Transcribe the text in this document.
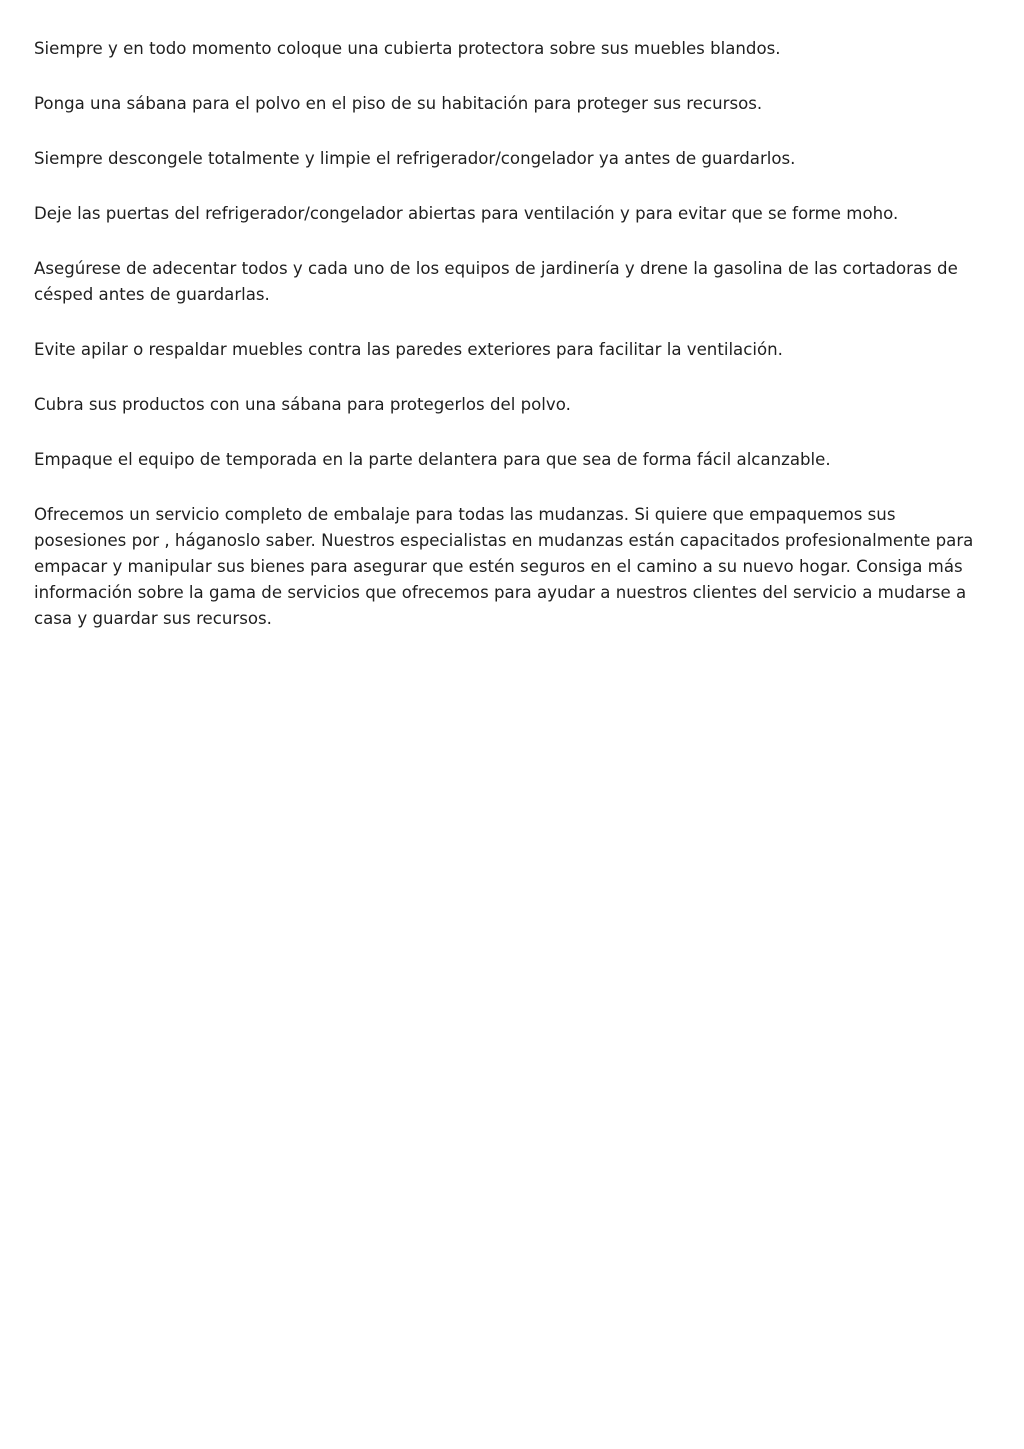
Siempre y en todo momento coloque una cubierta protectora sobre sus muebles blandos.

Ponga una sábana para el polvo en el piso de su habitación para proteger sus recursos.

Siempre descongele totalmente y limpie el refrigerador/congelador ya antes de guardarlos.

Deje las puertas del refrigerador/congelador abiertas para ventilación y para evitar que se forme moho.

Asegúrese de adecentar todos y cada uno de los equipos de jardinería y drene la gasolina de las cortadoras de césped antes de guardarlas.

Evite apilar o respaldar muebles contra las paredes exteriores para facilitar la ventilación.

Cubra sus productos con una sábana para protegerlos del polvo.

Empaque el equipo de temporada en la parte delantera para que sea de forma fácil alcanzable.

Ofrecemos un servicio completo de embalaje para todas las mudanzas. Si quiere que empaquemos sus posesiones por , háganoslo saber. Nuestros especialistas en mudanzas están capacitados profesionalmente para empacar y manipular sus bienes para asegurar que estén seguros en el camino a su nuevo hogar. Consiga más información sobre la gama de servicios que ofrecemos para ayudar a nuestros clientes del servicio a mudarse a casa y guardar sus recursos.
